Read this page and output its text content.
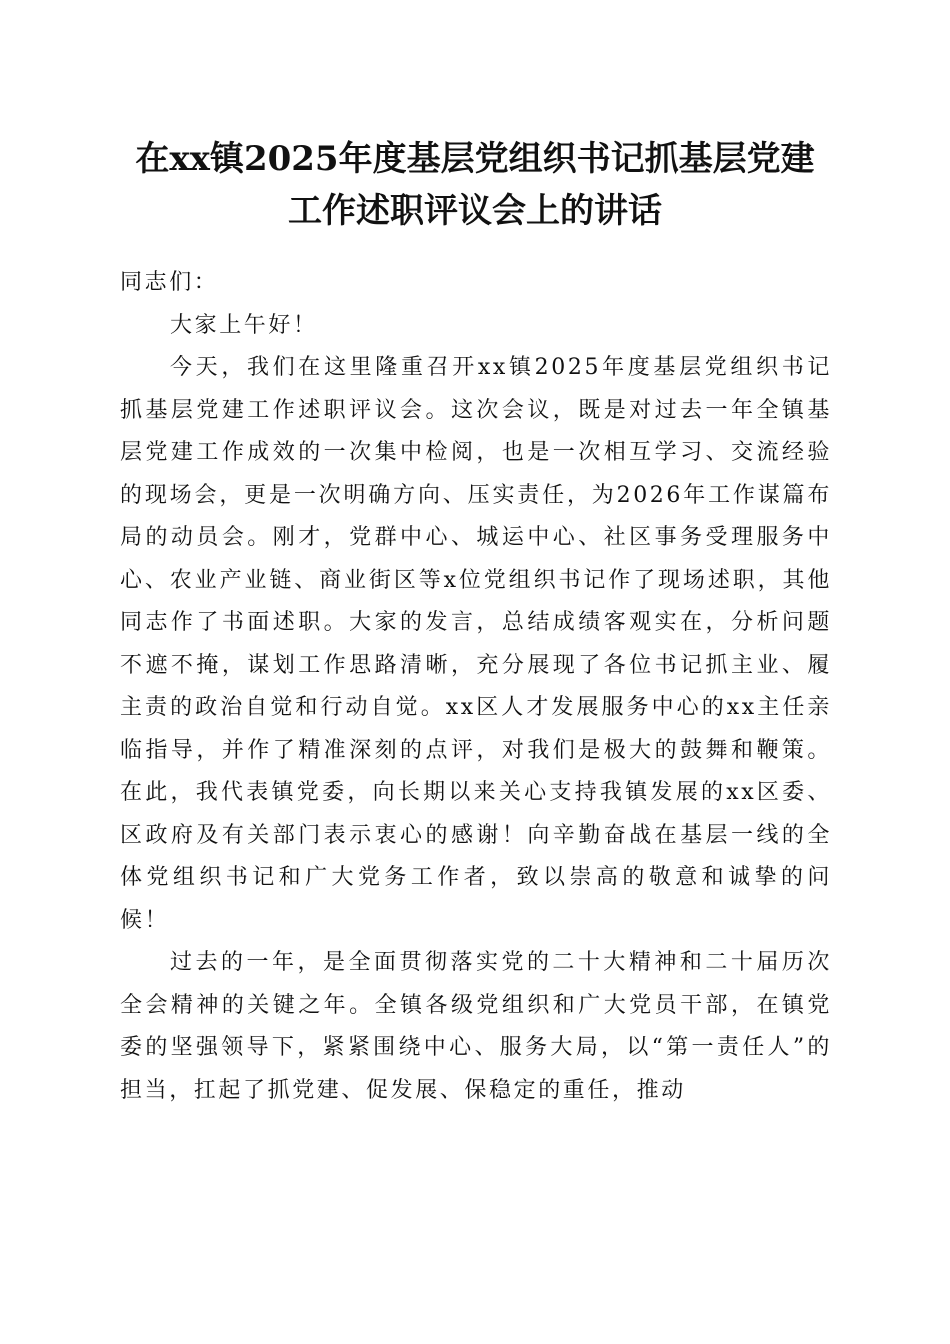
在xx镇2025年度基层党组织书记抓基层党建
工作述职评议会上的讲话

同志们：

大家上午好！

今天，我们在这里隆重召开xx镇2025年度基层党组织书记抓基层党建工作述职评议会。这次会议，既是对过去一年全镇基层党建工作成效的一次集中检阅，也是一次相互学习、交流经验的现场会，更是一次明确方向、压实责任，为2026年工作谋篇布局的动员会。刚才，党群中心、城运中心、社区事务受理服务中心、农业产业链、商业街区等x位党组织书记作了现场述职，其他同志作了书面述职。大家的发言，总结成绩客观实在，分析问题不遮不掩，谋划工作思路清晰，充分展现了各位书记抓主业、履主责的政治自觉和行动自觉。xx区人才发展服务中心的xx主任亲临指导，并作了精准深刻的点评，对我们是极大的鼓舞和鞭策。在此，我代表镇党委，向长期以来关心支持我镇发展的xx区委、区政府及有关部门表示衷心的感谢！向辛勤奋战在基层一线的全体党组织书记和广大党务工作者，致以崇高的敬意和诚挚的问候！

过去的一年，是全面贯彻落实党的二十大精神和二十届历次全会精神的关键之年。全镇各级党组织和广大党员干部，在镇党委的坚强领导下，紧紧围绕中心、服务大局，以“第一责任人”的担当，扛起了抓党建、促发展、保稳定的重任，推动
